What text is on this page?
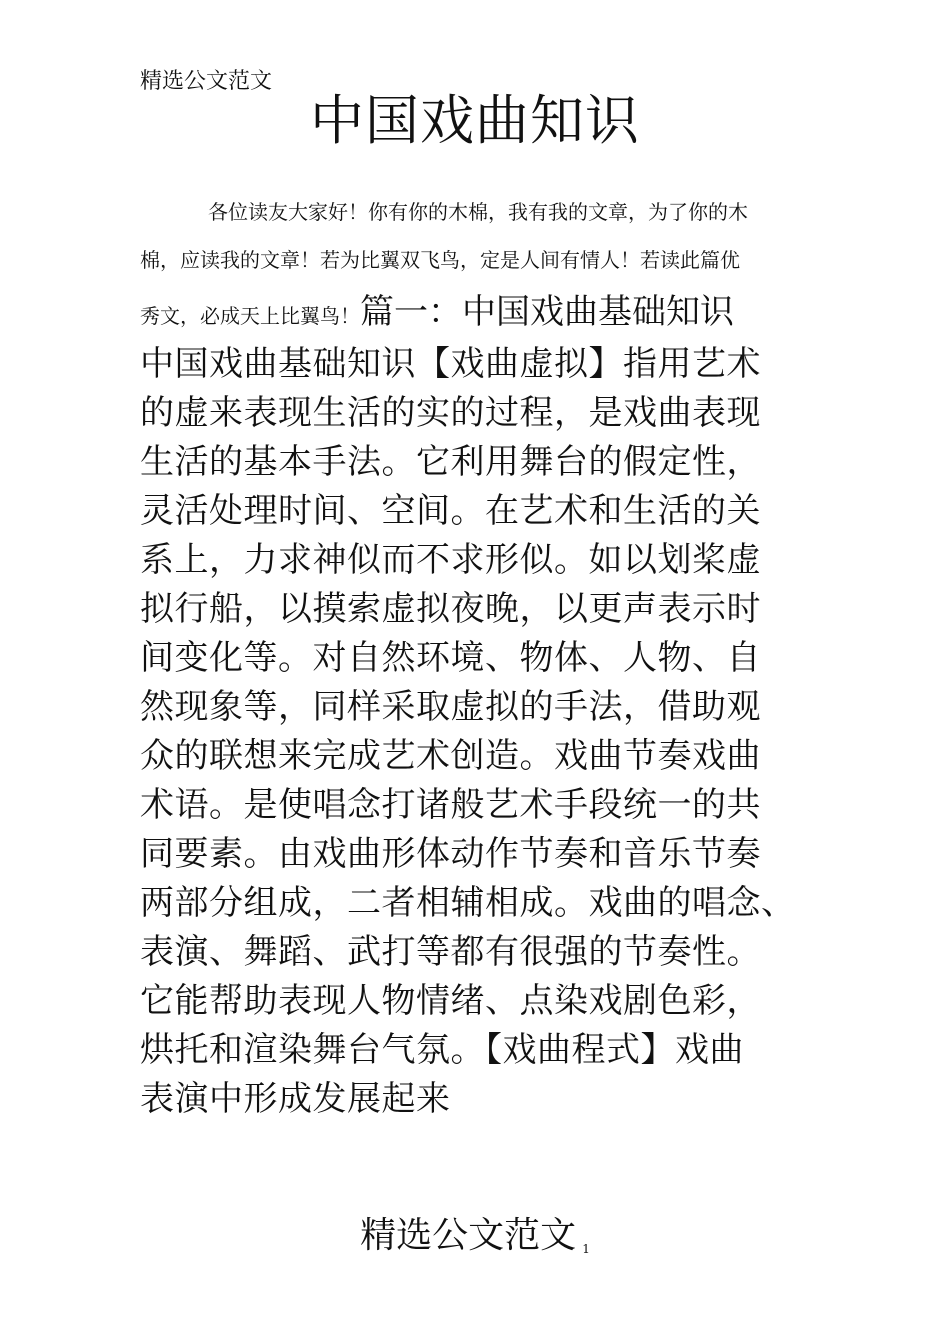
精选公文范文
中国戏曲知识

各位读友大家好！你有你的木棉，我有我的文章，为了你的木

棉，应读我的文章！若为比翼双飞鸟，定是人间有情人！若读此篇优

秀文，必成天上比翼鸟！篇一：中国戏曲基础知识

中国戏曲基础知识【戏曲虚拟】指用艺术

的虚来表现生活的实的过程，是戏曲表现

生活的基本手法。它利用舞台的假定性，

灵活处理时间、空间。在艺术和生活的关

系上，力求神似而不求形似。如以划桨虚

拟行船，以摸索虚拟夜晚，以更声表示时

间变化等。对自然环境、物体、人物、自

然现象等，同样采取虚拟的手法，借助观

众的联想来完成艺术创造。戏曲节奏戏曲

术语。是使唱念打诸般艺术手段统一的共

同要素。由戏曲形体动作节奏和音乐节奏

两部分组成，二者相辅相成。戏曲的唱念、

表演、舞蹈、武打等都有很强的节奏性。

它能帮助表现人物情绪、点染戏剧色彩，

烘托和渲染舞台气氛。【戏曲程式】戏曲

表演中形成发展起来

精选公文范文 $_1$
